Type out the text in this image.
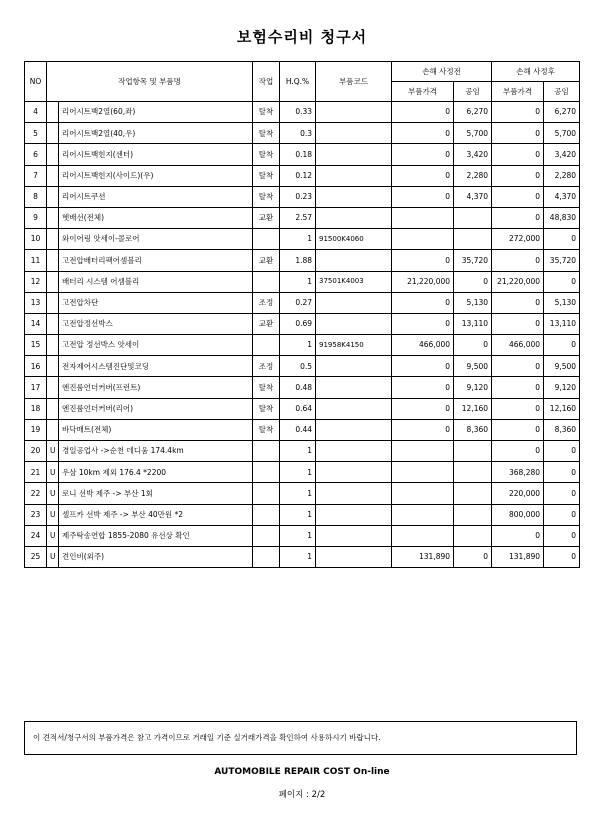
보험수리비 청구서
NO	작업항목 및 부품명		작업	H.Q.%	부품코드	손해 사정전		손해 사정후	
						부품가격	공임	부품가격	공임
4		리어시트백2열(60,좌)	탈착	0.33		0	6,270	0	6,270
5		리어시트백2열(40,우)	탈착	0.3		0	5,700	0	5,700
6		리어시트백힌지(센터)	탈착	0.18		0	3,420	0	3,420
7		리어시트백힌지(사이드)(우)	탈착	0.12		0	2,280	0	2,280
8		리어시트쿠션	탈착	0.23		0	4,370	0	4,370
9		헷배선(전체)	교환	2.57				0	48,830
10		와이어링 앗세이-콜로어		1	91500K4060			272,000	0
11		고전압배터리팩어셈블리	교환	1.88		0	35,720	0	35,720
12		배터리 시스템 어셈블리		1	37501K4003	21,220,000	0	21,220,000	0
13		고전압차단	조정	0.27		0	5,130	0	5,130
14		고전압정선박스	교환	0.69		0	13,110	0	13,110
15		고전압 정선박스 앗세이		1	91958K4150	466,000	0	466,000	0
16		전자제어시스템진단및코딩	조정	0.5		0	9,500	0	9,500
17		엔진룸언더커버(프런트)	탈착	0.48		0	9,120	0	9,120
18		엔진룸언더커버(리어)	탈착	0.64		0	12,160	0	12,160
19		바닥매트(전체)	탈착	0.44		0	8,360	0	8,360
20	U	경일공업사 ->순천 데디움 174.4km		1				0	0
21	U	우삼 10km 제외 176.4 *2200		1				368,280	0
22	U	로니 선박 제주 -> 부산 1회		1				220,000	0
23	U	셀프카 선박 제주 -> 부산 40만원 *2		1				800,000	0
24	U	제주탁송연합 1855-2080 유선상 확인		1				0	0
25	U	견인비(외주)		1		131,890	0	131,890	0
이 견적서/청구서의 부품가격은 참고 가격이므로 거래일 기준 실거래가격을 확인하여 사용하시기 바랍니다.
AUTOMOBILE REPAIR COST On-line
페이지 : 2/2
